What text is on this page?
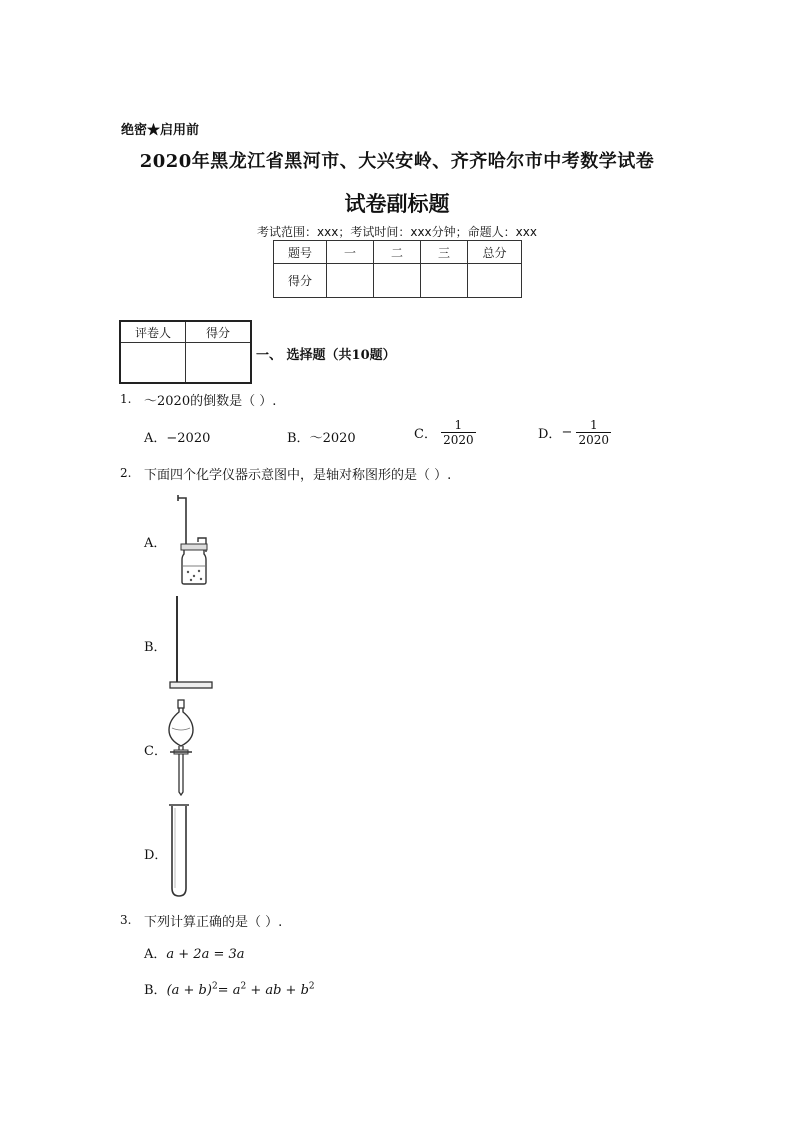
绝密★启用前
2020年黑龙江省黑河市、大兴安岭、齐齐哈尔市中考数学试卷
试卷副标题
考试范围：xxx；考试时间：xxx分钟；命题人：xxx
题号	一	二	三	总分
得分				
评卷人	得分

一、 选择题（共10题）
1. ～2020的倒数是（ ）.
A．−2020	B．～2020	C． $\frac{1}{2020}$	D．− $\frac{1}{2020}$
2. 下面四个化学仪器示意图中，是轴对称图形的是（ ）.
A．
B．
C．
D．
3. 下列计算正确的是（ ）.
A．a + 2a = 3a
B．$(a + b)^2= a^2$ + ab + $b^2$
